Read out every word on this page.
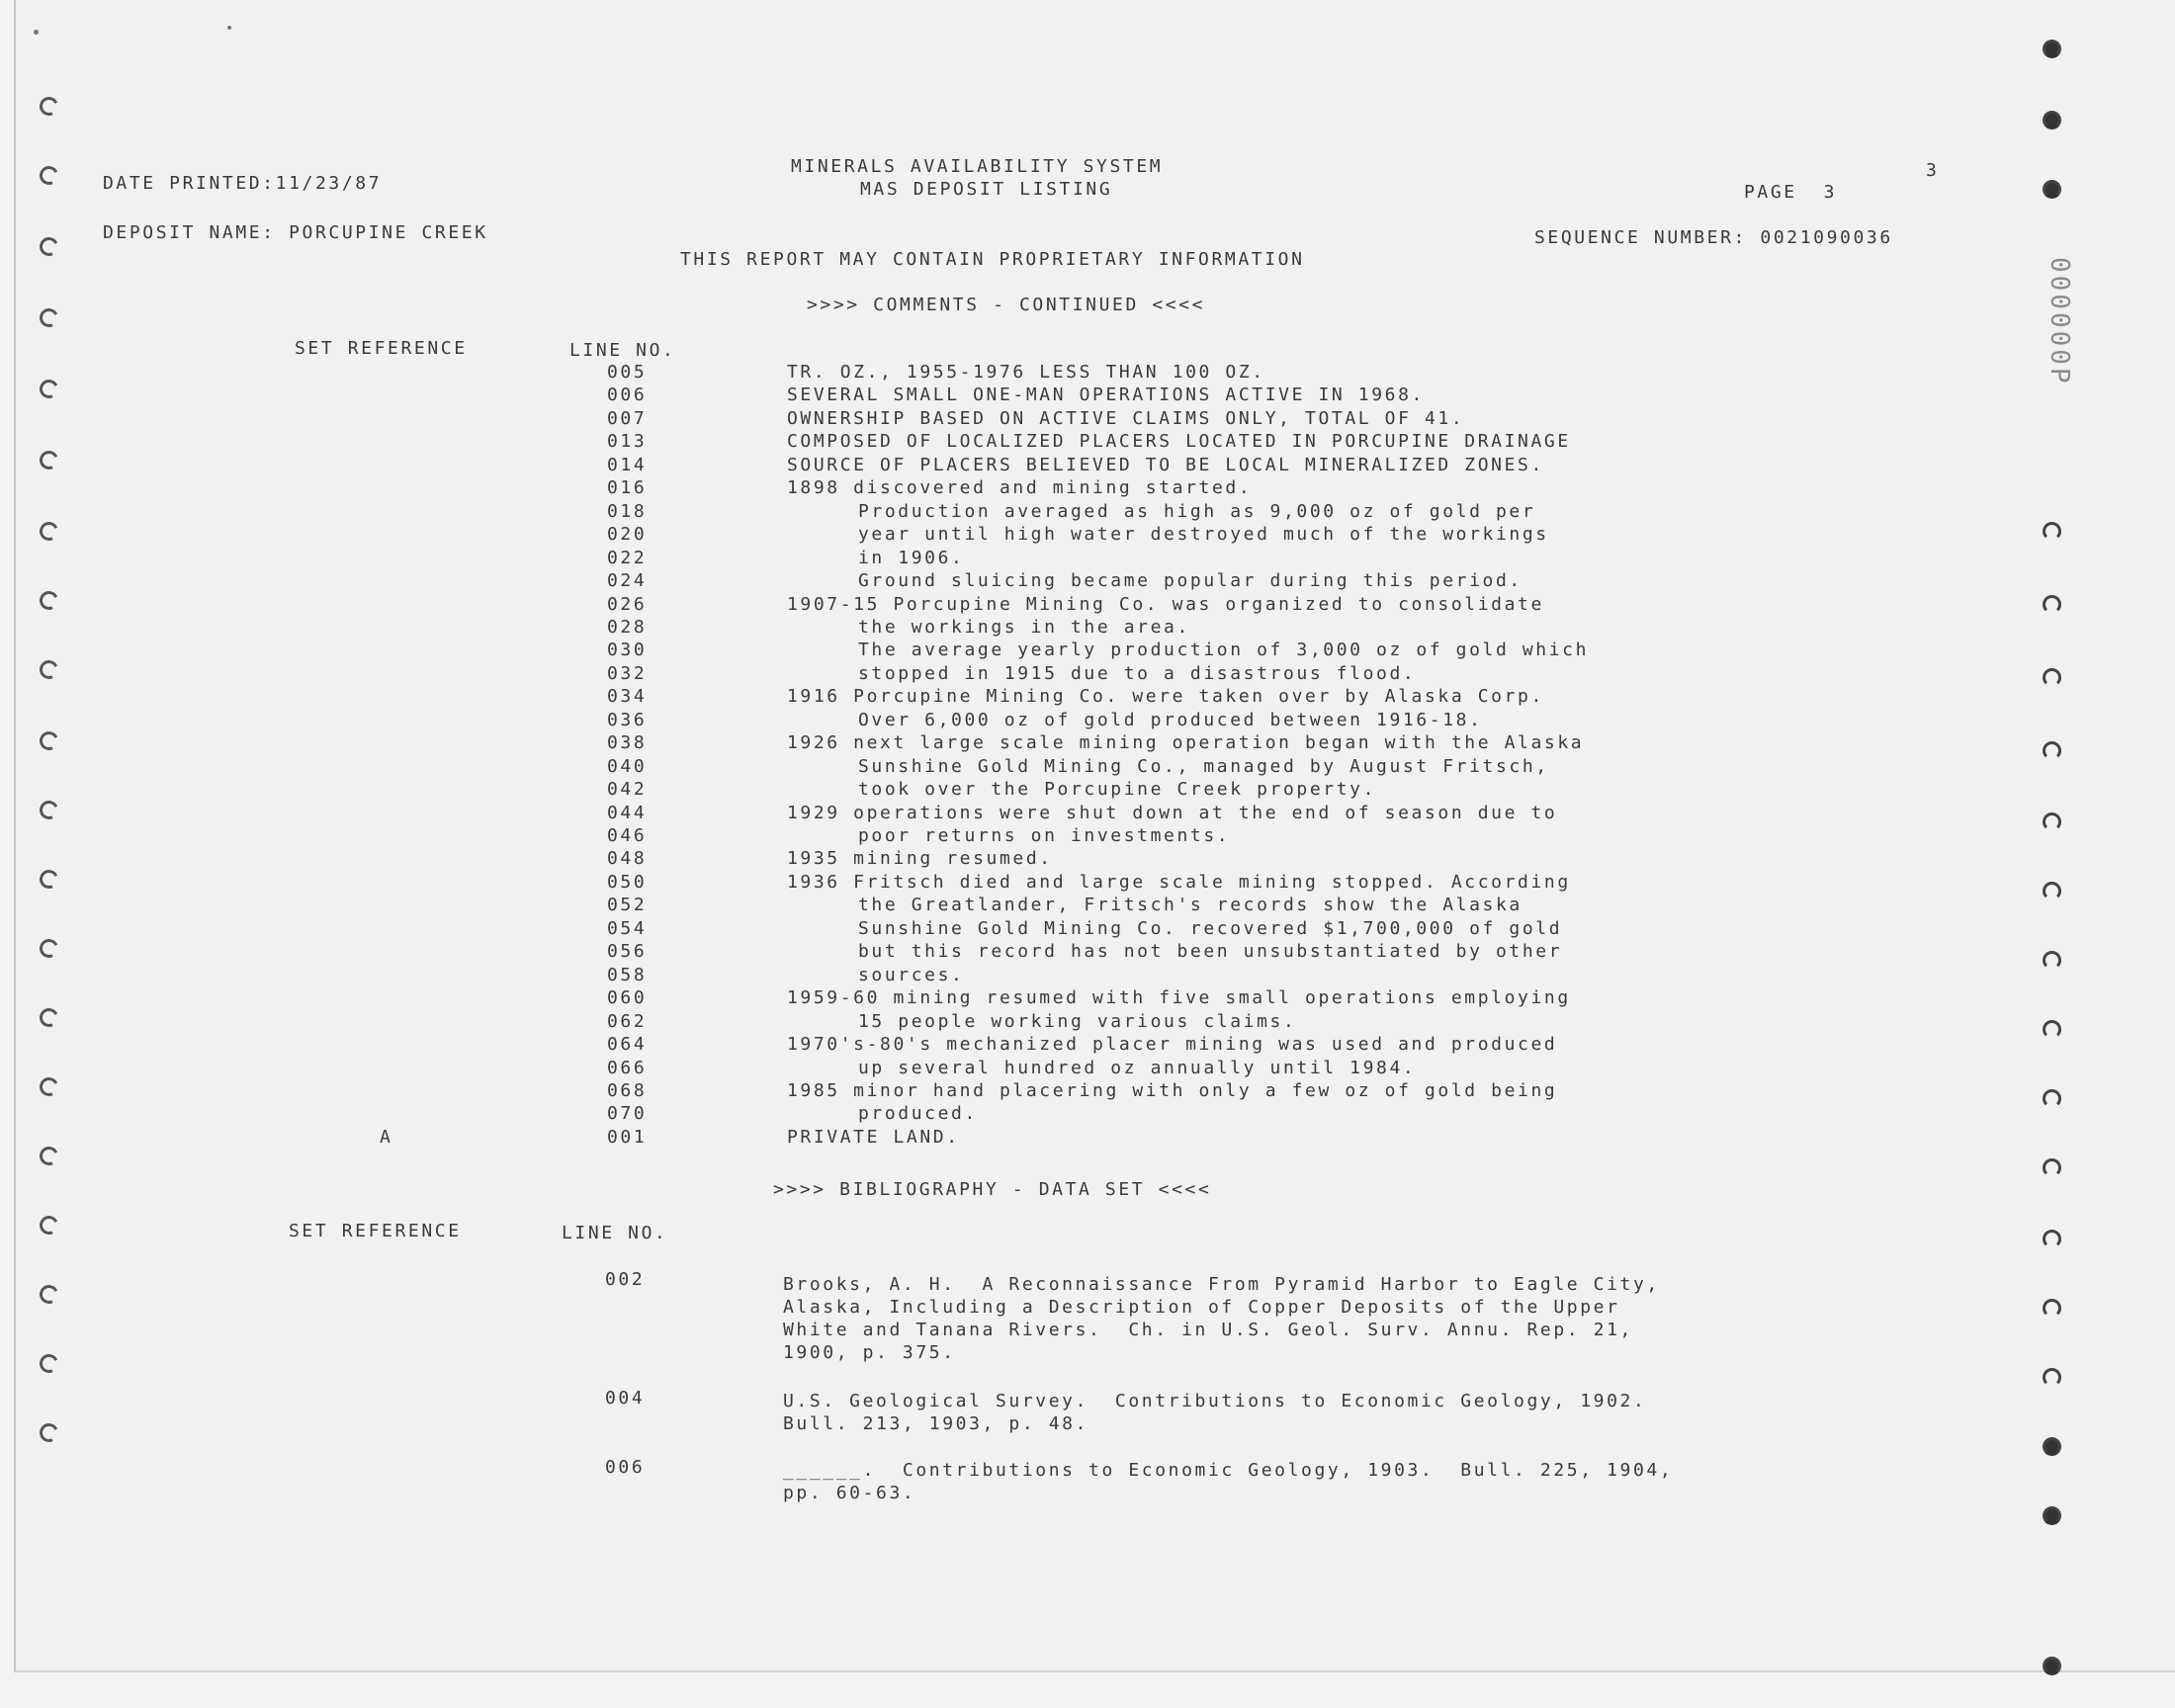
000000P
MINERALS AVAILABILITY SYSTEM
MAS DEPOSIT LISTING
DATE PRINTED:11/23/87	PAGE  3
3
DEPOSIT NAME: PORCUPINE CREEK	SEQUENCE NUMBER: 0021090036
THIS REPORT MAY CONTAIN PROPRIETARY INFORMATION
>>>> COMMENTS - CONTINUED <<<<
SET REFERENCE	LINE NO.
005	TR. OZ., 1955-1976 LESS THAN 100 OZ.
006	SEVERAL SMALL ONE-MAN OPERATIONS ACTIVE IN 1968.
007	OWNERSHIP BASED ON ACTIVE CLAIMS ONLY, TOTAL OF 41.
013	COMPOSED OF LOCALIZED PLACERS LOCATED IN PORCUPINE DRAINAGE
014	SOURCE OF PLACERS BELIEVED TO BE LOCAL MINERALIZED ZONES.
016	1898 discovered and mining started.
018	Production averaged as high as 9,000 oz of gold per
020	year until high water destroyed much of the workings
022	in 1906.
024	Ground sluicing became popular during this period.
026	1907-15 Porcupine Mining Co. was organized to consolidate
028	the workings in the area.
030	The average yearly production of 3,000 oz of gold which
032	stopped in 1915 due to a disastrous flood.
034	1916 Porcupine Mining Co. were taken over by Alaska Corp.
036	Over 6,000 oz of gold produced between 1916-18.
038	1926 next large scale mining operation began with the Alaska
040	Sunshine Gold Mining Co., managed by August Fritsch,
042	took over the Porcupine Creek property.
044	1929 operations were shut down at the end of season due to
046	poor returns on investments.
048	1935 mining resumed.
050	1936 Fritsch died and large scale mining stopped. According
052	the Greatlander, Fritsch's records show the Alaska
054	Sunshine Gold Mining Co. recovered $1,700,000 of gold
056	but this record has not been unsubstantiated by other
058	sources.
060	1959-60 mining resumed with five small operations employing
062	15 people working various claims.
064	1970's-80's mechanized placer mining was used and produced
066	up several hundred oz annually until 1984.
068	1985 minor hand placering with only a few oz of gold being
070	produced.
A	001	PRIVATE LAND.
>>>> BIBLIOGRAPHY - DATA SET <<<<
SET REFERENCE	LINE NO.
002	Brooks, A. H.  A Reconnaissance From Pyramid Harbor to Eagle City,
Alaska, Including a Description of Copper Deposits of the Upper
White and Tanana Rivers.  Ch. in U.S. Geol. Surv. Annu. Rep. 21,
1900, p. 375.
004	U.S. Geological Survey.  Contributions to Economic Geology, 1902.
Bull. 213, 1903, p. 48.
006	______.  Contributions to Economic Geology, 1903.  Bull. 225, 1904,
pp. 60-63.
